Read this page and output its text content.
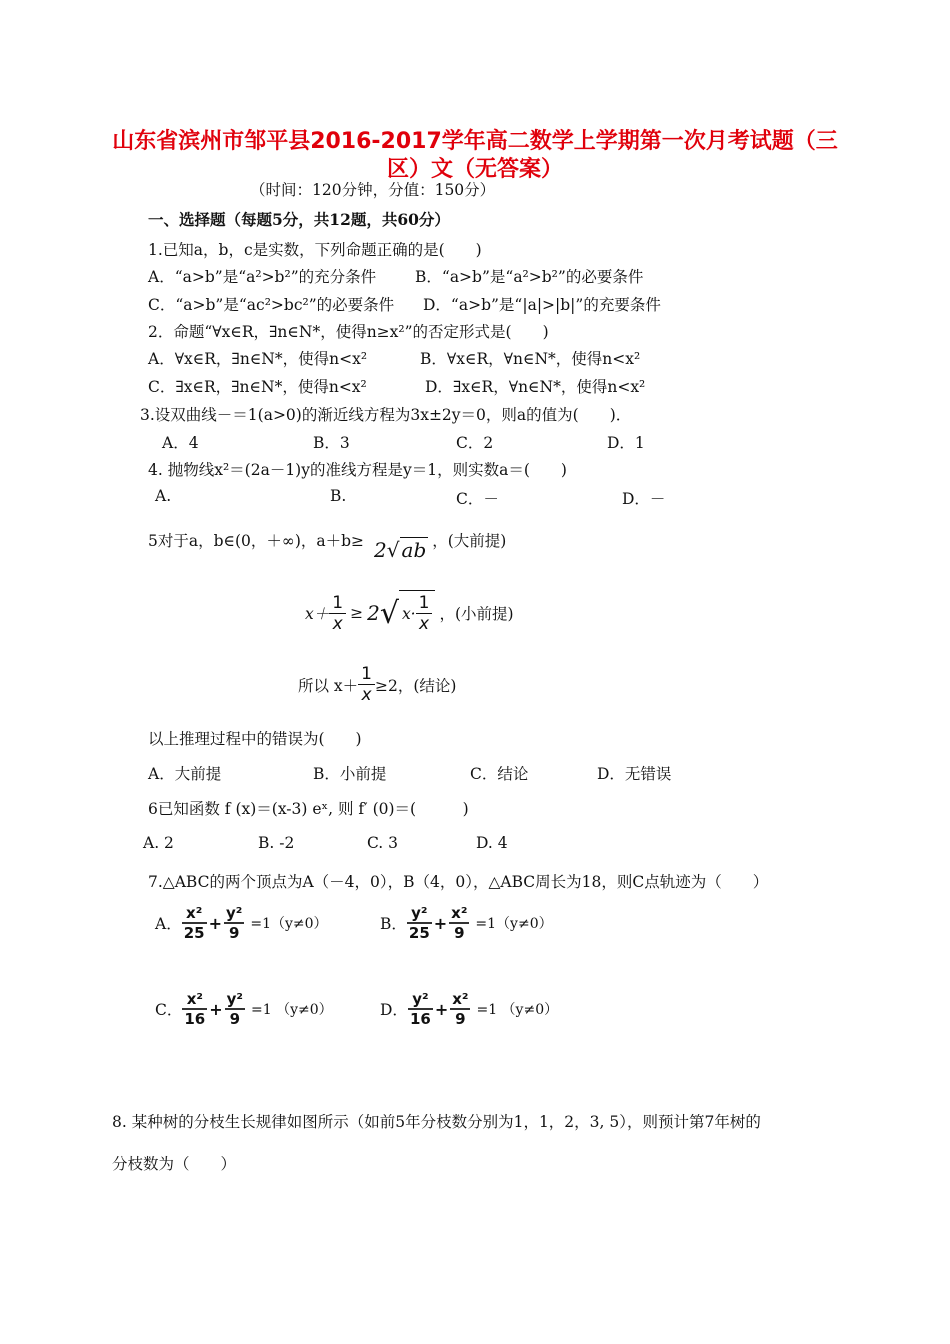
山东省滨州市邹平县2016-2017学年高二数学上学期第一次月考试题（三
区）文（无答案）
（时间：120分钟，分值：150分）
一、选择题（每题5分，共12题，共60分）
1.已知a，b，c是实数，下列命题正确的是(　　)
A．“a>b”是“a²>b²”的充分条件	B．“a>b”是“a²>b²”的必要条件
C．“a>b”是“ac²>bc²”的必要条件 D．“a>b”是“|a|>|b|”的充要条件
2．命题“∀x∈R，∃n∈N*，使得n≥x²”的否定形式是(　　)
A．∀x∈R，∃n∈N*，使得n<x²	B．∀x∈R，∀n∈N*，使得n<x²
C．∃x∈R，∃n∈N*，使得n<x²	D．∃x∈R，∀n∈N*，使得n<x²
3.设双曲线－＝1(a>0)的渐近线方程为3x±2y＝0，则a的值为(　　)．
A．4	B．3	C．2	D．1
4. 抛物线x²＝(2a－1)y的准线方程是y＝1，则实数a＝(　　)
A.	B.	C．－	D．－
5对于a，b∈(0，＋∞)，a＋b≥ 2√ ab ，(大前提)
$x+ \frac{1}{x} \ge 2$ √ $x\cdot \frac{1}{x}$ ，(小前提)
所以 $x+ \frac{1}{x} \ge 2$，(结论)
以上推理过程中的错误为(　　)
A．大前提	B．小前提	C．结论	D．无错误
6已知函数 f (x)＝(x-3) eˣ, 则 f′ (0)＝(　　　)
A. 2	B. -2	C. 3	D. 4
7.△ABC的两个顶点为A（－4，0），B（4，0），△ABC周长为18，则C点轨迹为（　　）
A． $\frac{\text{x²}}{25} + \frac{\text{y²}}{9} =1(y\ne 0)$	B． $\frac{\text{y²}}{25} + \frac{\text{x²}}{9} =1(y\ne 0)$
C． $\frac{\text{x²}}{16} + \frac{\text{y²}}{9} =1$ （y≠0）	D． $\frac{\text{y²}}{16} + \frac{\text{x²}}{9} =1$ （y≠0）
8. 某种树的分枝生长规律如图所示（如前5年分枝数分别为1，1，2，3, 5），则预计第7年树的
分枝数为（　　）
